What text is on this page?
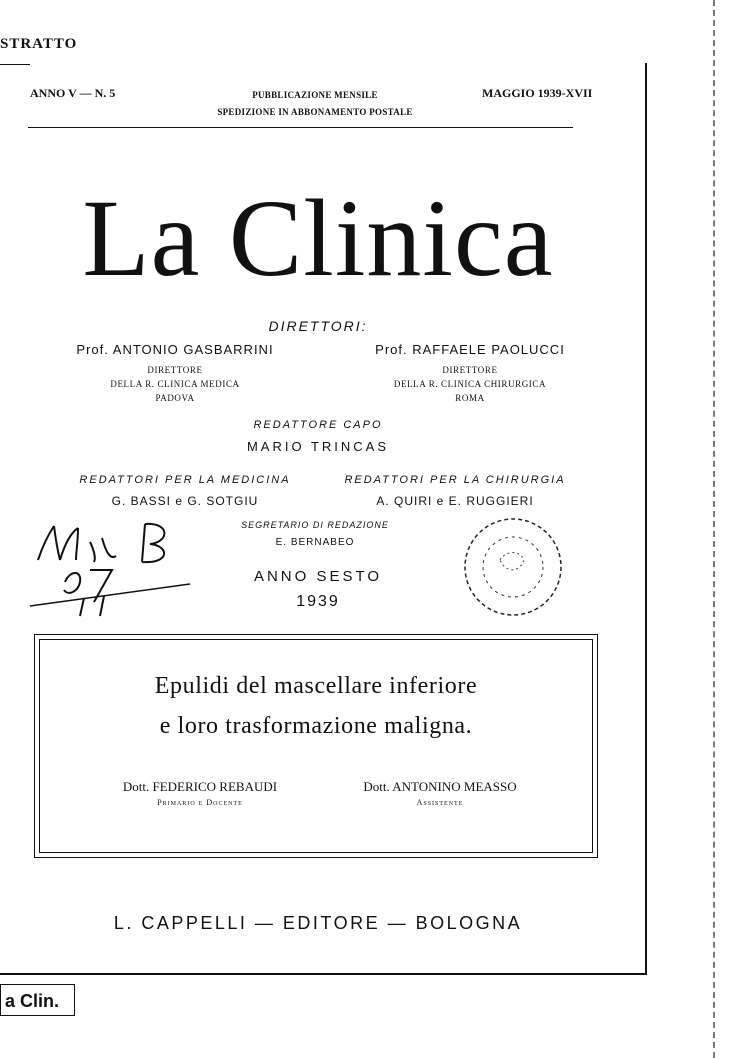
STRATTO
ANNO V — N. 5	PUBBLICAZIONE MENSILE
SPEDIZIONE IN ABBONAMENTO POSTALE
MAGGIO 1939-XVII
La Clinica
DIRETTORI:
Prof. ANTONIO GASBARRINI
DIRETTORE
DELLA R. CLINICA MEDICA
PADOVA
Prof. RAFFAELE PAOLUCCI
DIRETTORE
DELLA R. CLINICA CHIRURGICA
ROMA
REDATTORE CAPO
MARIO TRINCAS
REDATTORI PER LA MEDICINA
G. BASSI e G. SOTGIU
REDATTORI PER LA CHIRURGIA
A. QUIRI e E. RUGGIERI
SEGRETARIO DI REDAZIONE
E. BERNABEO
ANNO SESTO
1939
Epulidi del mascellare inferiore
e loro trasformazione maligna.
Dott. FEDERICO REBAUDI
Primario e Docente
Dott. ANTONINO MEASSO
Assistente
L. CAPPELLI — EDITORE — BOLOGNA
a Clin.
